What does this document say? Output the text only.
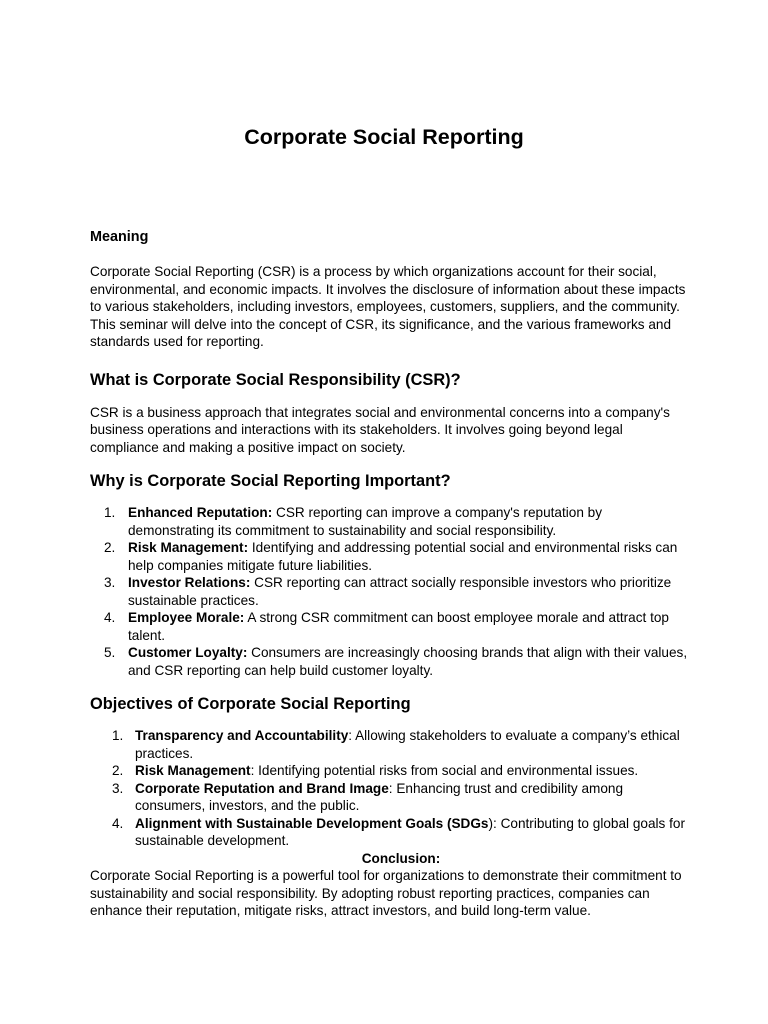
Corporate Social Reporting
Meaning

Corporate Social Reporting (CSR) is a process by which organizations account for their social, environmental, and economic impacts. It involves the disclosure of information about these impacts to various stakeholders, including investors, employees, customers, suppliers, and the community. This seminar will delve into the concept of CSR, its significance, and the various frameworks and standards used for reporting.

What is Corporate Social Responsibility (CSR)?

CSR is a business approach that integrates social and environmental concerns into a company's business operations and interactions with its stakeholders. It involves going beyond legal compliance and making a positive impact on society.

Why is Corporate Social Reporting Important?
1. Enhanced Reputation: CSR reporting can improve a company's reputation by demonstrating its commitment to sustainability and social responsibility.
2. Risk Management: Identifying and addressing potential social and environmental risks can help companies mitigate future liabilities.
3. Investor Relations: CSR reporting can attract socially responsible investors who prioritize sustainable practices.
4. Employee Morale: A strong CSR commitment can boost employee morale and attract top talent.
5. Customer Loyalty: Consumers are increasingly choosing brands that align with their values, and CSR reporting can help build customer loyalty.
Objectives of Corporate Social Reporting
1. Transparency and Accountability: Allowing stakeholders to evaluate a company’s ethical practices.
2. Risk Management: Identifying potential risks from social and environmental issues.
3. Corporate Reputation and Brand Image: Enhancing trust and credibility among consumers, investors, and the public.
4. Alignment with Sustainable Development Goals (SDGs): Contributing to global goals for sustainable development.

Conclusion:

Corporate Social Reporting is a powerful tool for organizations to demonstrate their commitment to sustainability and social responsibility. By adopting robust reporting practices, companies can enhance their reputation, mitigate risks, attract investors, and build long-term value.
